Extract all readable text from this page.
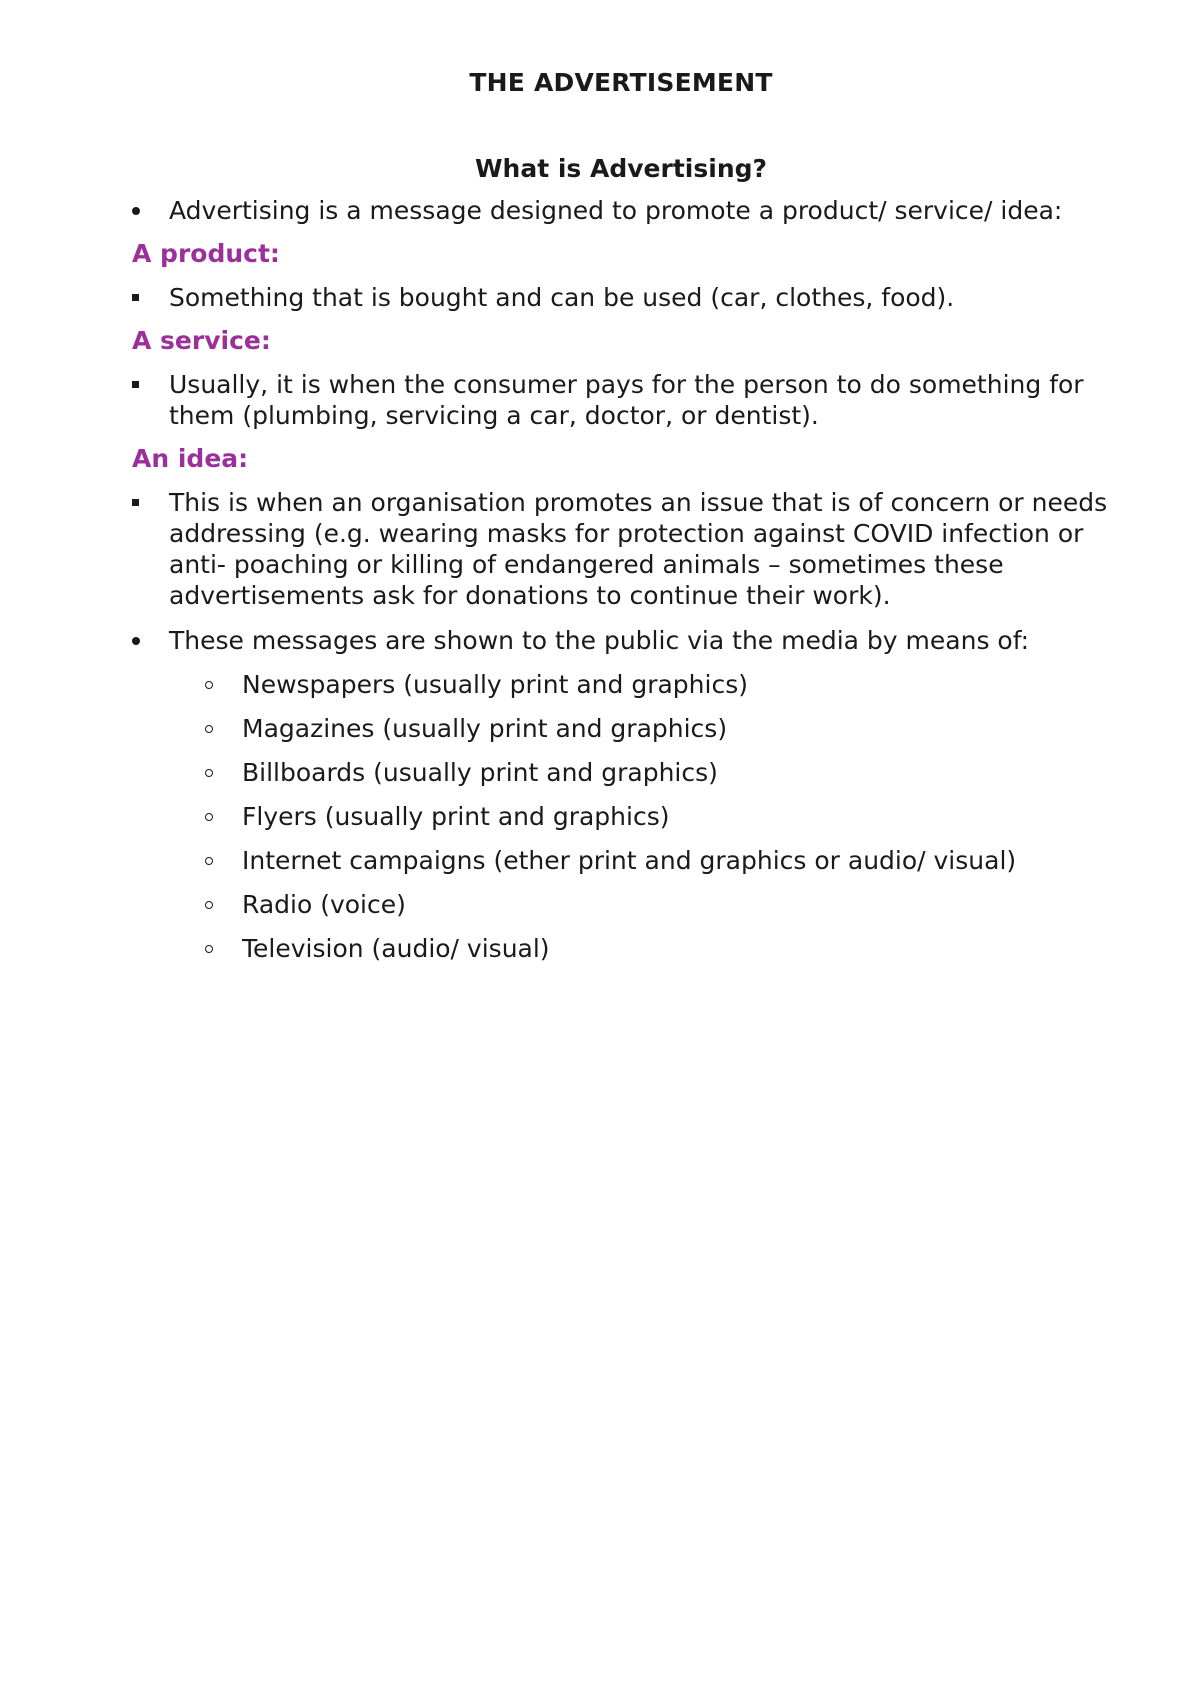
THE ADVERTISEMENT
What is Advertising?
Advertising is a message designed to promote a product/ service/ idea:
A product:
Something that is bought and can be used (car, clothes, food).
A service:
Usually, it is when the consumer pays for the person to do something for them (plumbing, servicing a car, doctor, or dentist).
An idea:
This is when an organisation promotes an issue that is of concern or needs addressing (e.g. wearing masks for protection against COVID infection or anti- poaching or killing of endangered animals – sometimes these advertisements ask for donations to continue their work).
These messages are shown to the public via the media by means of:
Newspapers (usually print and graphics)
Magazines (usually print and graphics)
Billboards (usually print and graphics)
Flyers (usually print and graphics)
Internet campaigns (ether print and graphics or audio/ visual)
Radio (voice)
Television (audio/ visual)
